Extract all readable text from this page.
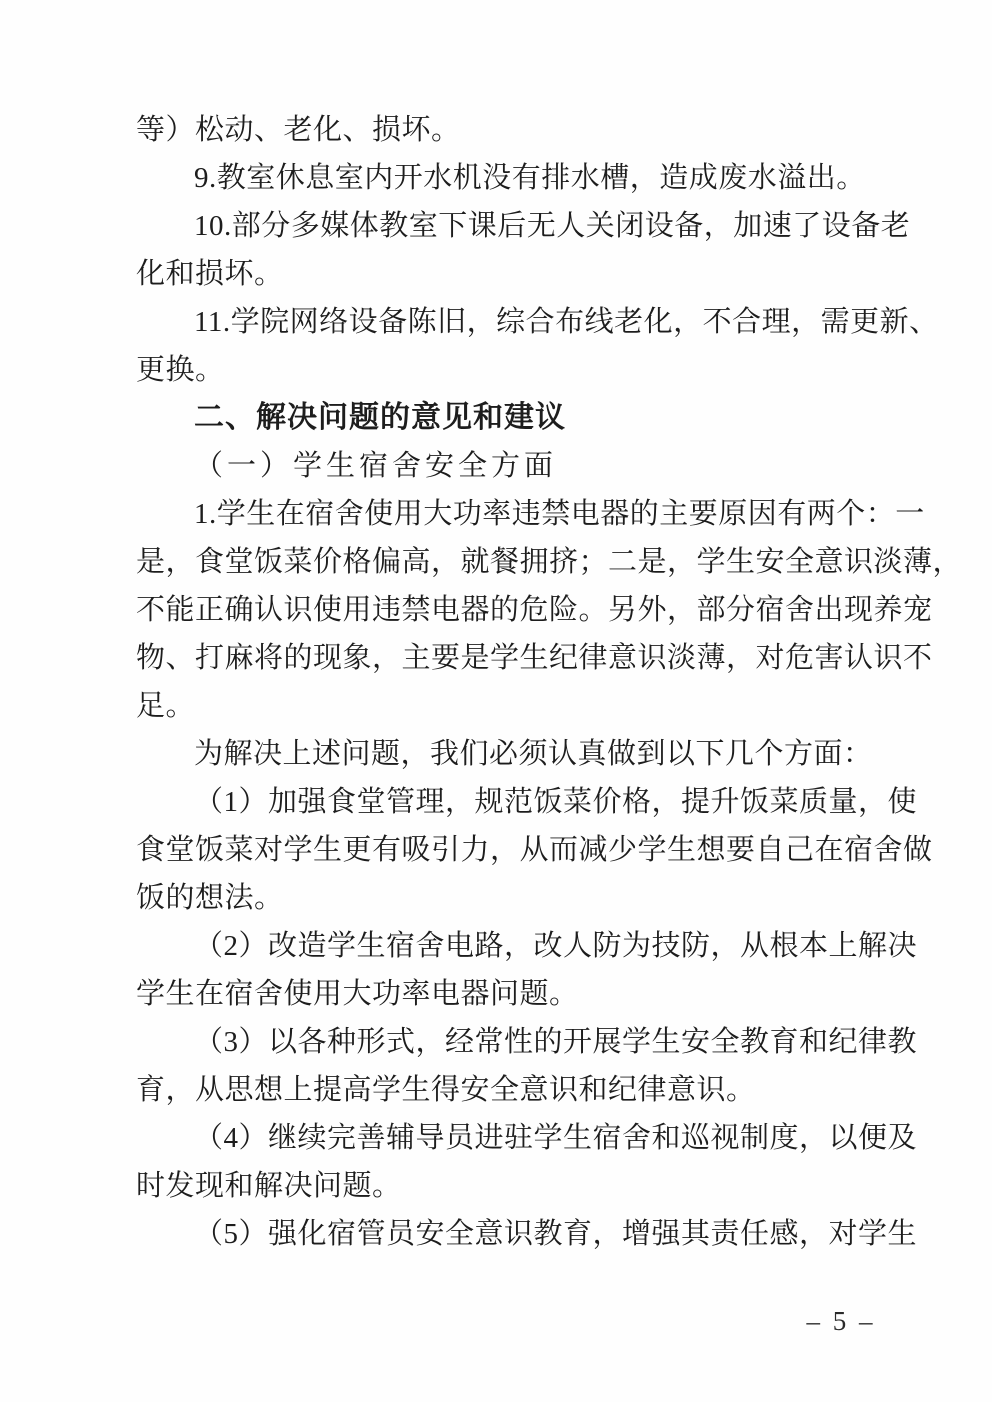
等）松动、老化、损坏。
9.教室休息室内开水机没有排水槽，造成废水溢出。
10.部分多媒体教室下课后无人关闭设备，加速了设备老
化和损坏。
11.学院网络设备陈旧，综合布线老化，不合理，需更新、
更换。
二、解决问题的意见和建议
（一）学生宿舍安全方面
1.学生在宿舍使用大功率违禁电器的主要原因有两个：一
是，食堂饭菜价格偏高，就餐拥挤；二是，学生安全意识淡薄，
不能正确认识使用违禁电器的危险。另外，部分宿舍出现养宠
物、打麻将的现象，主要是学生纪律意识淡薄，对危害认识不
足。
为解决上述问题，我们必须认真做到以下几个方面：
（1）加强食堂管理，规范饭菜价格，提升饭菜质量，使
食堂饭菜对学生更有吸引力，从而减少学生想要自己在宿舍做
饭的想法。
（2）改造学生宿舍电路，改人防为技防，从根本上解决
学生在宿舍使用大功率电器问题。
（3）以各种形式，经常性的开展学生安全教育和纪律教
育，从思想上提高学生得安全意识和纪律意识。
（4）继续完善辅导员进驻学生宿舍和巡视制度，以便及
时发现和解决问题。
（5）强化宿管员安全意识教育，增强其责任感，对学生
– 5 –
